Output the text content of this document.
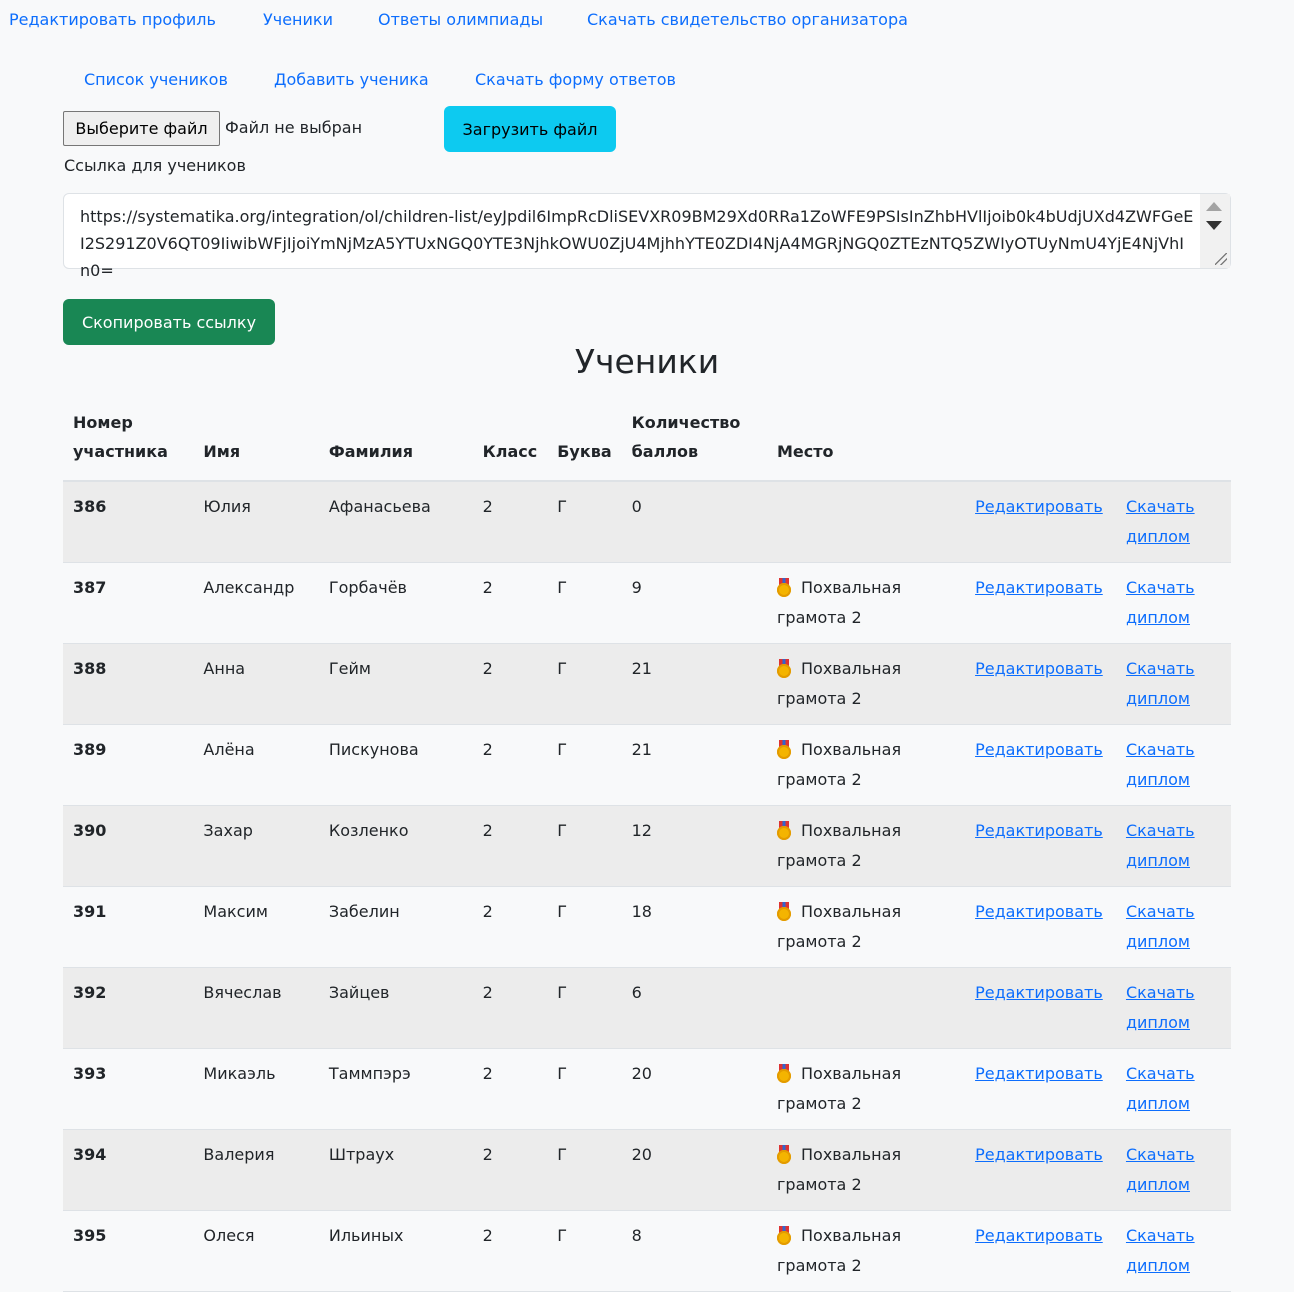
Редактировать профиль	Ученики	Ответы олимпиады	Скачать свидетельство организатора
Список учеников	Добавить ученика	Скачать форму ответов
Выберите файл	Файл не выбран	Загрузить файл
Ссылка для учеников
https://systematika.org/integration/ol/children-list/eyJpdil6ImpRcDliSEVXR09BM29Xd0RRa1ZoWFE9PSIsInZhbHVlIjoib0k4bUdjUXd4ZWFGeEI2S291Z0V6QT09IiwibWFjIjoiYmNjMzA5YTUxNGQ0YTE3NjhkOWU0ZjU4MjhhYTE0ZDI4NjA4MGRjNGQ0ZTEzNTQ5ZWIyOTUyNmU4YjE4NjVhIn0=
Скопировать ссылку
Ученики
Номер участника	Имя	Фамилия	Класс	Буква	Количество баллов	Место		
386	Юлия	Афанасьева	2	Г	0		Редактировать	Скачать диплом
387	Александр	Горбачёв	2	Г	9	Похвальная грамота 2	Редактировать	Скачать диплом
388	Анна	Гейм	2	Г	21	Похвальная грамота 2	Редактировать	Скачать диплом
389	Алёна	Пискунова	2	Г	21	Похвальная грамота 2	Редактировать	Скачать диплом
390	Захар	Козленко	2	Г	12	Похвальная грамота 2	Редактировать	Скачать диплом
391	Максим	Забелин	2	Г	18	Похвальная грамота 2	Редактировать	Скачать диплом
392	Вячеслав	Зайцев	2	Г	6		Редактировать	Скачать диплом
393	Микаэль	Таммпэрэ	2	Г	20	Похвальная грамота 2	Редактировать	Скачать диплом
394	Валерия	Штраух	2	Г	20	Похвальная грамота 2	Редактировать	Скачать диплом
395	Олеся	Ильиных	2	Г	8	Похвальная грамота 2	Редактировать	Скачать диплом
